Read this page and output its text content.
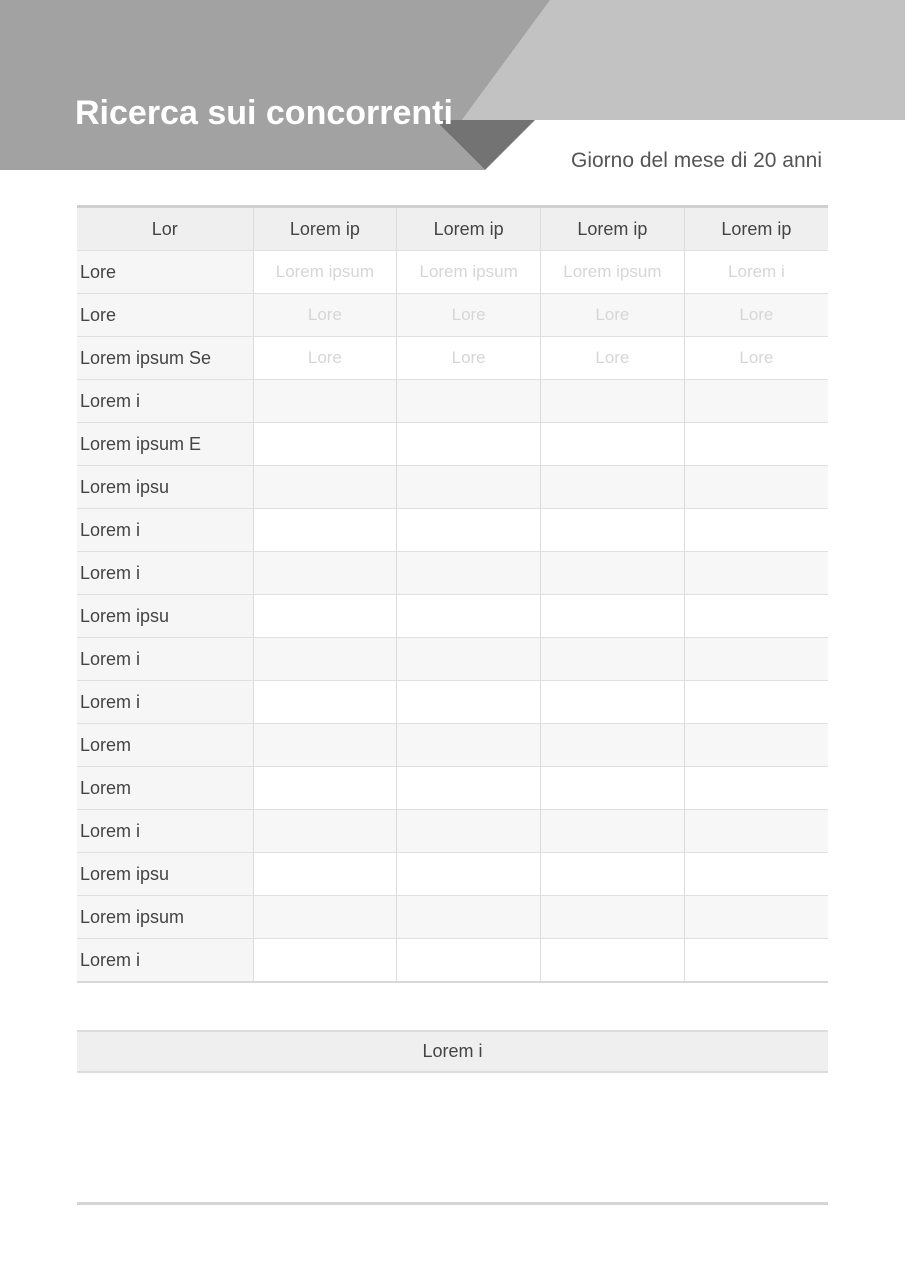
Ricerca sui concorrenti
Giorno del mese di 20 anni
Lor	Lorem ip	Lorem ip	Lorem ip	Lorem ip
Lore	Lorem ipsum	Lorem ipsum	Lorem ipsum	Lorem i
Lore	Lore	Lore	Lore	Lore
Lorem ipsum Se	Lore	Lore	Lore	Lore
Lorem i				
Lorem ipsum E				
Lorem ipsu				
Lorem i				
Lorem i				
Lorem ipsu				
Lorem i				
Lorem i				
Lorem				
Lorem				
Lorem i				
Lorem ipsu				
Lorem ipsum				
Lorem i				
Lorem i
